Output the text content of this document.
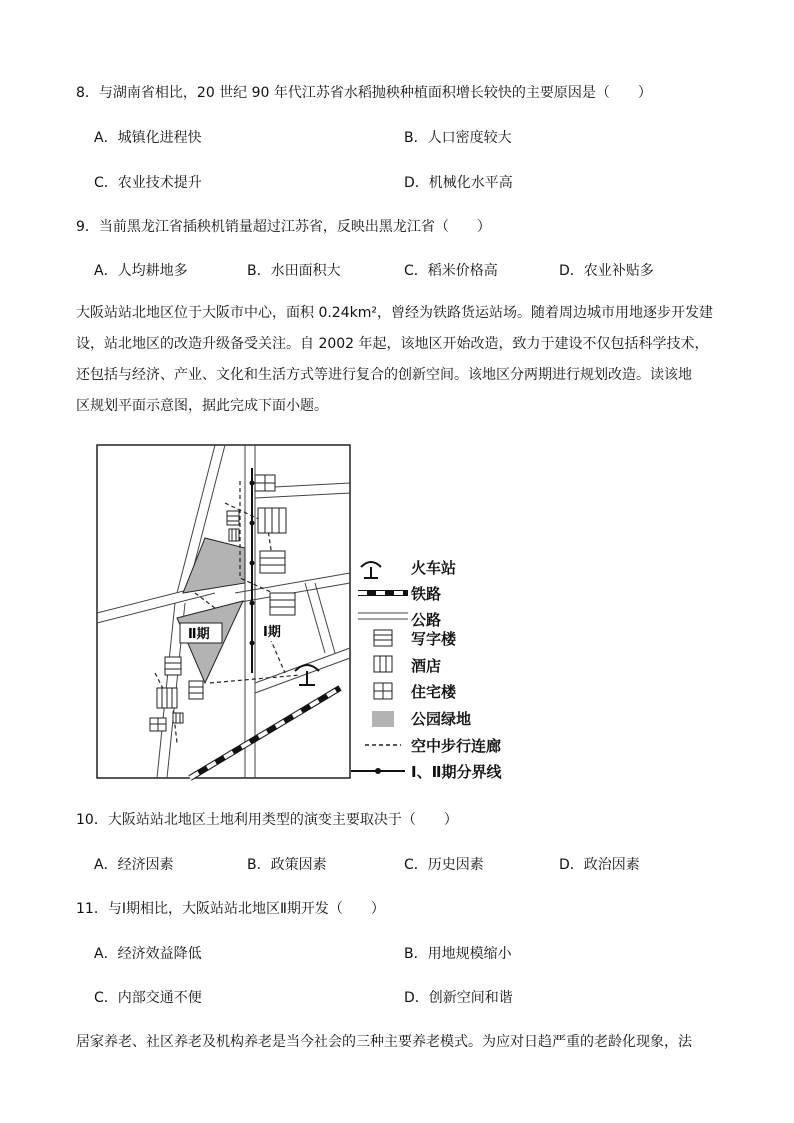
8．与湖南省相比，20 世纪 90 年代江苏省水稻抛秧种植面积增长较快的主要原因是（　　）
A．城镇化进程快	B．人口密度较大
C．农业技术提升	D．机械化水平高
9．当前黑龙江省插秧机销量超过江苏省，反映出黑龙江省（　　）
A．人均耕地多	B．水田面积大	C．稻米价格高	D．农业补贴多
大阪站站北地区位于大阪市中心，面积 0.24km²，曾经为铁路货运站场。随着周边城市用地逐步开发建
设，站北地区的改造升级备受关注。自 2002 年起，该地区开始改造，致力于建设不仅包括科学技术，
还包括与经济、产业、文化和生活方式等进行复合的创新空间。该地区分两期进行规划改造。读该地
区规划平面示意图，据此完成下面小题。
Ⅱ期	Ⅰ期
火车站
铁路
公路
写字楼
酒店
住宅楼
公园绿地
空中步行连廊
Ⅰ、Ⅱ期分界线
10．大阪站站北地区土地利用类型的演变主要取决于（　　）
A．经济因素	B．政策因素	C．历史因素	D．政治因素
11．与Ⅰ期相比，大阪站站北地区Ⅱ期开发（　　）
A．经济效益降低	B．用地规模缩小
C．内部交通不便	D．创新空间和谐
居家养老、社区养老及机构养老是当今社会的三种主要养老模式。为应对日趋严重的老龄化现象，法
